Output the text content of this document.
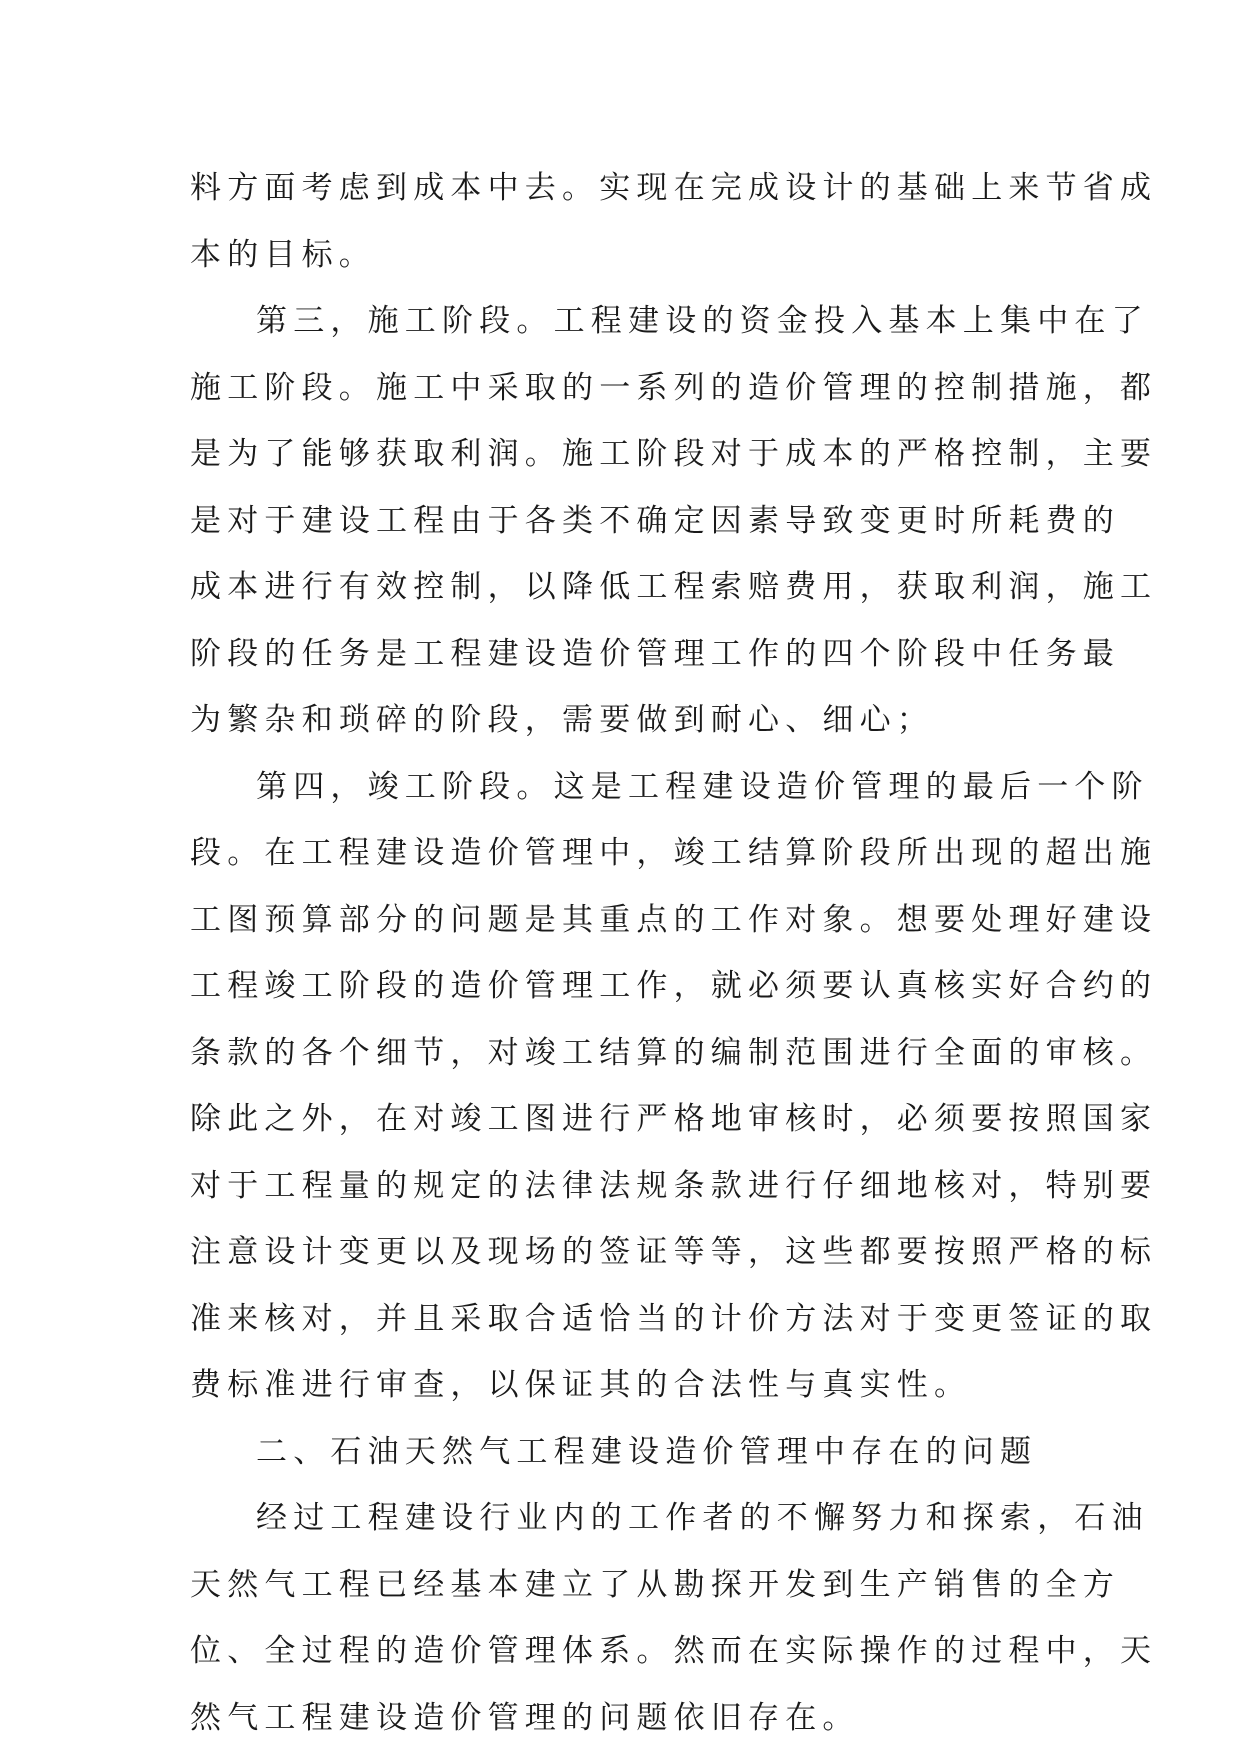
料方面考虑到成本中去。实现在完成设计的基础上来节省成
本的目标。
第三，施工阶段。工程建设的资金投入基本上集中在了
施工阶段。施工中采取的一系列的造价管理的控制措施，都
是为了能够获取利润。施工阶段对于成本的严格控制，主要
是对于建设工程由于各类不确定因素导致变更时所耗费的
成本进行有效控制，以降低工程索赔费用，获取利润，施工
阶段的任务是工程建设造价管理工作的四个阶段中任务最
为繁杂和琐碎的阶段，需要做到耐心、细心；
第四，竣工阶段。这是工程建设造价管理的最后一个阶
段。在工程建设造价管理中，竣工结算阶段所出现的超出施
工图预算部分的问题是其重点的工作对象。想要处理好建设
工程竣工阶段的造价管理工作，就必须要认真核实好合约的
条款的各个细节，对竣工结算的编制范围进行全面的审核。
除此之外，在对竣工图进行严格地审核时，必须要按照国家
对于工程量的规定的法律法规条款进行仔细地核对，特别要
注意设计变更以及现场的签证等等，这些都要按照严格的标
准来核对，并且采取合适恰当的计价方法对于变更签证的取
费标准进行审查，以保证其的合法性与真实性。
二、石油天然气工程建设造价管理中存在的问题
经过工程建设行业内的工作者的不懈努力和探索，石油
天然气工程已经基本建立了从勘探开发到生产销售的全方
位、全过程的造价管理体系。然而在实际操作的过程中，天
然气工程建设造价管理的问题依旧存在。
